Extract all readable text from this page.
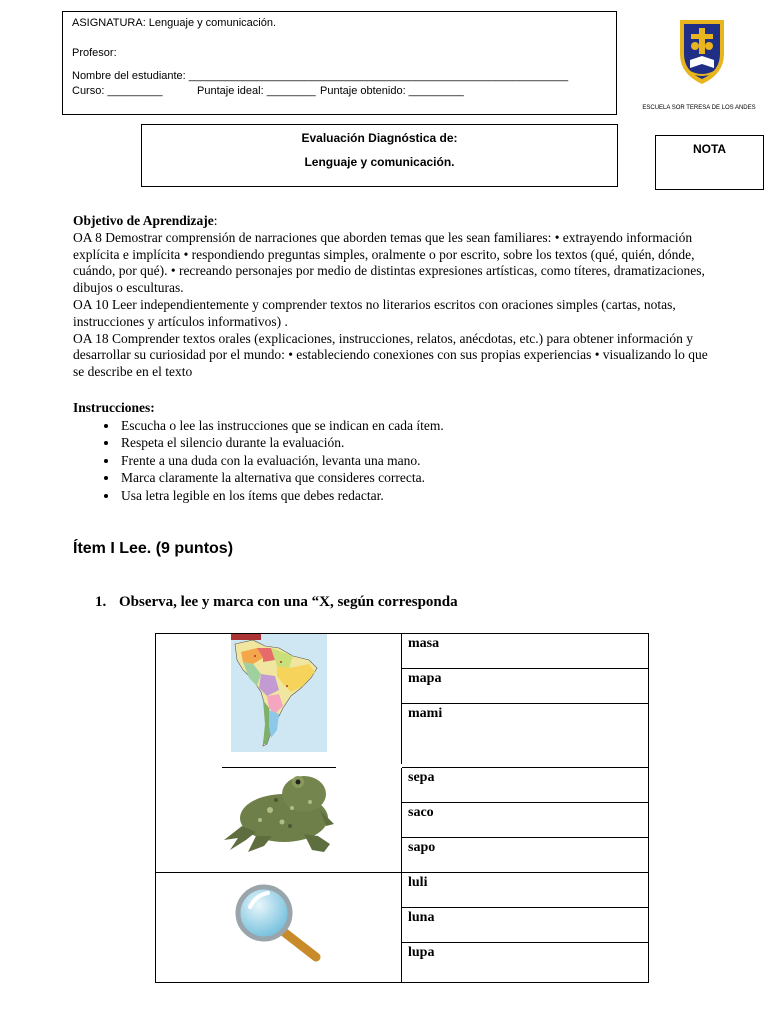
ASIGNATURA: Lenguaje y comunicación.
Profesor:
Nombre del estudiante: ______________________________________________________________
Curso: _________	Puntaje ideal: ________ Puntaje obtenido: _________
ESCUELA SOR TERESA DE LOS ANDES
Evaluación Diagnóstica de:
Lenguaje y comunicación.
NOTA
Objetivo de Aprendizaje:
OA 8 Demostrar comprensión de narraciones que aborden temas que les sean familiares: • extrayendo información explícita e implícita • respondiendo preguntas simples, oralmente o por escrito, sobre los textos (qué, quién, dónde, cuándo, por qué). • recreando personajes por medio de distintas expresiones artísticas, como títeres, dramatizaciones, dibujos o esculturas.
OA 10 Leer independientemente y comprender textos no literarios escritos con oraciones simples (cartas, notas, instrucciones y artículos informativos) .
OA 18 Comprender textos orales (explicaciones, instrucciones, relatos, anécdotas, etc.) para obtener información y desarrollar su curiosidad por el mundo: • estableciendo conexiones con sus propias experiencias • visualizando lo que se describe en el texto
Instrucciones:
• Escucha o lee las instrucciones que se indican en cada ítem.
• Respeta el silencio durante la evaluación.
• Frente a una duda con la evaluación, levanta una mano.
• Marca claramente la alternativa que consideres correcta.
• Usa letra legible en los ítems que debes redactar.
Ítem I Lee. (9 puntos)
1. Observa, lee y marca con una “X, según corresponda
	masa
	mapa
	mami

	sepa
	saco
	sapo

	luli
	luna
	lupa
